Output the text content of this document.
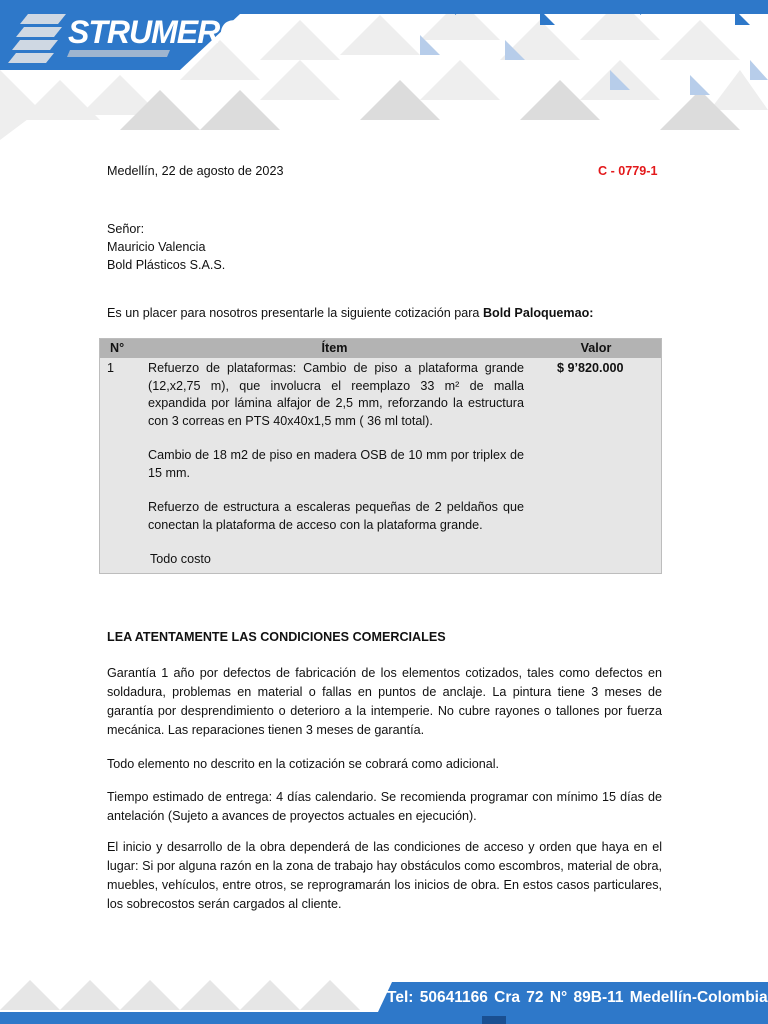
STRUMERC
Medellín, 22 de agosto de 2023	C - 0779-1
Señor:
Mauricio Valencia
Bold Plásticos S.A.S.
Es un placer para nosotros presentarle la siguiente cotización para Bold Paloquemao:
N°	Ítem	Valor
1	Refuerzo de plataformas: Cambio de piso a plataforma grande (12,x2,75 m), que involucra el reemplazo 33 m² de malla expandida por lámina alfajor de 2,5 mm, reforzando la estructura con 3 correas en PTS 40x40x1,5 mm ( 36 ml total).

Cambio de 18 m2 de piso en madera OSB de 10 mm por triplex de 15 mm.

Refuerzo de estructura a escaleras pequeñas de 2 peldaños que conectan la plataforma de acceso con la plataforma grande.

Todo costo	$ 9’820.000
LEA ATENTAMENTE LAS CONDICIONES COMERCIALES
Garantía 1 año por defectos de fabricación de los elementos cotizados, tales como defectos en soldadura, problemas en material o fallas en puntos de anclaje. La pintura tiene 3 meses de garantía por desprendimiento o deterioro a la intemperie. No cubre rayones o tallones por fuerza mecánica. Las reparaciones tienen 3 meses de garantía.
Todo elemento no descrito en la cotización se cobrará como adicional.
Tiempo estimado de entrega: 4 días calendario. Se recomienda programar con mínimo 15 días de antelación (Sujeto a avances de proyectos actuales en ejecución).
El inicio y desarrollo de la obra dependerá de las condiciones de acceso y orden que haya en el lugar: Si por alguna razón en la zona de trabajo hay obstáculos como escombros, material de obra, muebles, vehículos, entre otros, se reprogramarán los inicios de obra. En estos casos particulares, los sobrecostos serán cargados al cliente.
Tel: 50641166 Cra 72 N° 89B-11 Medellín-Colombia
